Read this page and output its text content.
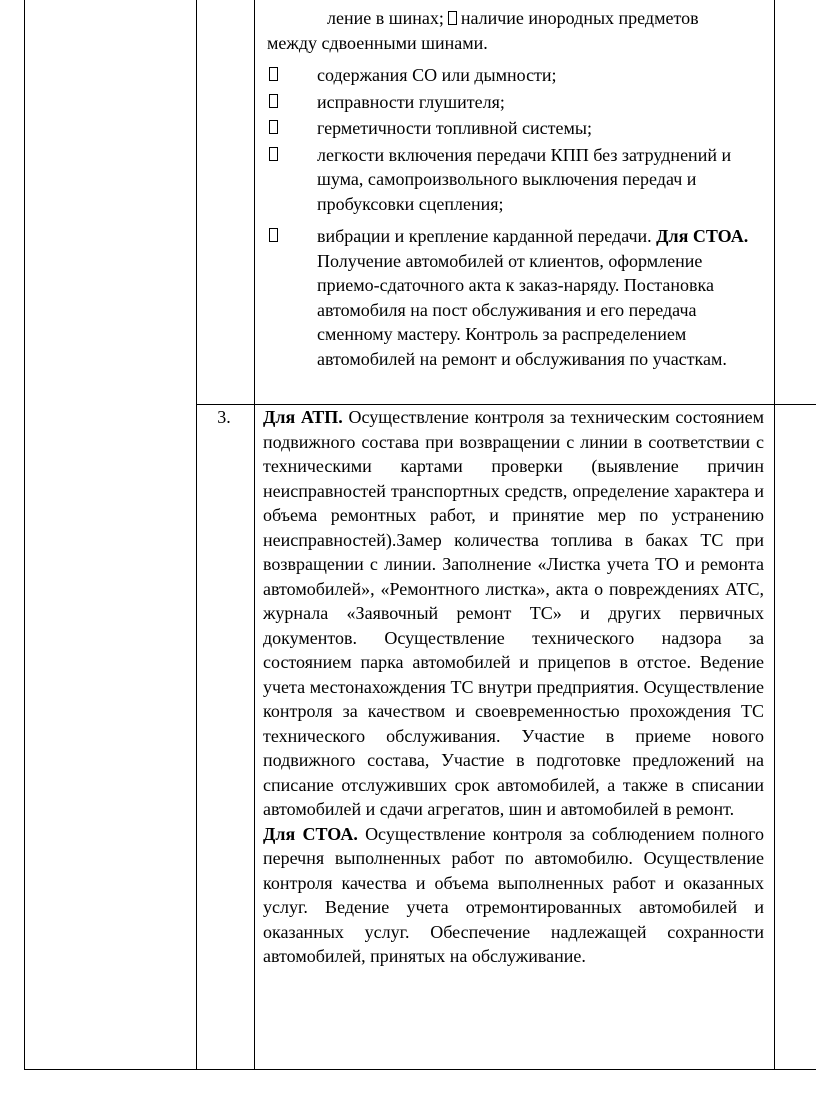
ление в шинах; наличие инородных предметов

между сдвоенными шинами.

содержания СО или дымности;
исправности глушителя;
герметичности топливной системы;
легкости включения передачи КПП без затруднений и шума, самопроизвольного выключения передач и пробуксовки сцепления;
вибрации и крепление карданной передачи. Для СТОА. Получение автомобилей от клиентов, оформление приемо-сдаточного акта к заказ-наряду. Постановка автомобиля на пост обслуживания и его передача сменному мастеру. Контроль за распределением автомобилей на ремонт и обслуживания по участкам.
3.	Для АТП. Осуществление контроля за техническим состоянием подвижного состава при возвращении с линии в соответствии с техническими картами проверки (выявление причин неисправностей транспортных средств, определение характера и объема ремонтных работ, и принятие мер по устранению неисправностей).Замер количества топлива в баках ТС при возвращении с линии. Заполнение «Листка учета ТО и ремонта автомобилей», «Ремонтного листка», акта о повреждениях АТС, журнала «Заявочный ремонт ТС» и других первичных документов. Осуществление технического надзора за состоянием парка автомобилей и прицепов в отстое. Ведение учета местонахождения ТС внутри предприятия. Осуществление контроля за качеством и своевременностью прохождения ТС технического обслуживания. Участие в приеме нового подвижного состава, Участие в подготовке предложений на списание отслуживших срок автомобилей, а также в списании автомобилей и сдачи агрегатов, шин и автомобилей в ремонт.

Для СТОА. Осуществление контроля за соблюдением полного перечня выполненных работ по автомобилю. Осуществление контроля качества и объема выполненных работ и оказанных услуг. Ведение учета отремонтированных автомобилей и оказанных услуг. Обеспечение надлежащей сохранности автомобилей, принятых на обслуживание.
